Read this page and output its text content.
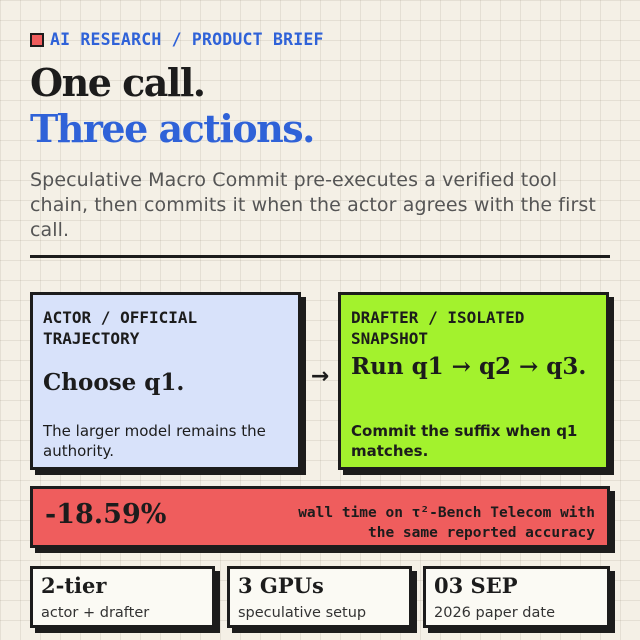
AI RESEARCH / PRODUCT BRIEF
One call.
Three actions.

Speculative Macro Commit pre-executes a verified tool chain, then commits it when the actor agrees with the first call.

ACTOR / OFFICIAL TRAJECTORY
Choose q1.
The larger model remains the authority.
→
DRAFTER / ISOLATED SNAPSHOT
Run q1 → q2 → q3.
Commit the suffix when q1 matches.
-18.59%	wall time on τ²-Bench Telecom with the same reported accuracy
2-tier
actor + drafter
3 GPUs
speculative setup
03 SEP
2026 paper date
